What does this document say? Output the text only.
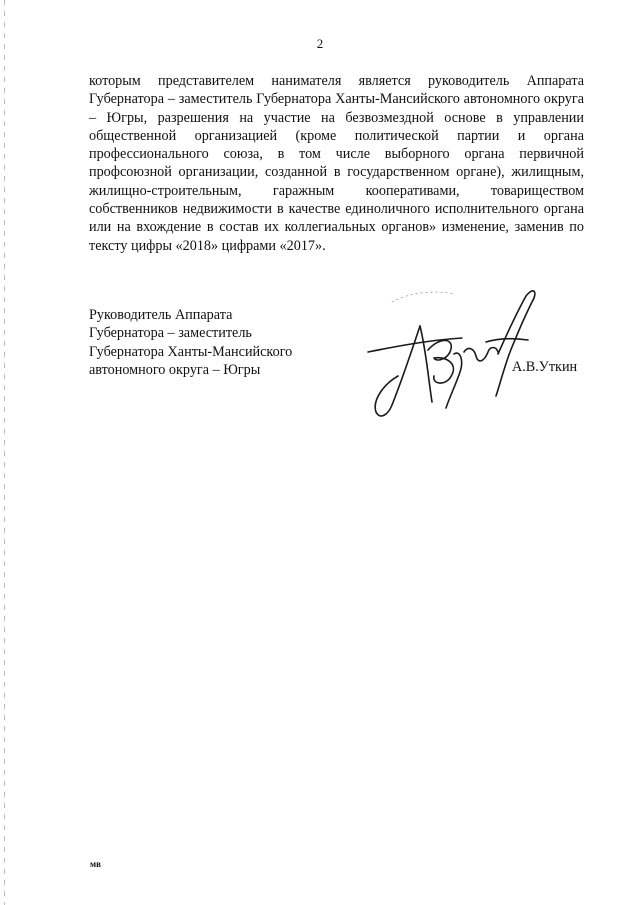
2

которым представителем нанимателя является руководитель Аппарата Губернатора – заместитель Губернатора Ханты-Мансийского автономного округа – Югры, разрешения на участие на безвозмездной основе в управлении общественной организацией (кроме политической партии и органа профессионального союза, в том числе выборного органа первичной профсоюзной организации, созданной в государственном органе), жилищным, жилищно-строительным, гаражным кооперативами, товариществом собственников недвижимости в качестве единоличного исполнительного органа или на вхождение в состав их коллегиальных органов» изменение, заменив по тексту цифры «2018» цифрами «2017».

Руководитель Аппарата
Губернатора – заместитель
Губернатора Ханты-Мансийского
автономного округа – Югры	А.В.Уткин
мв
